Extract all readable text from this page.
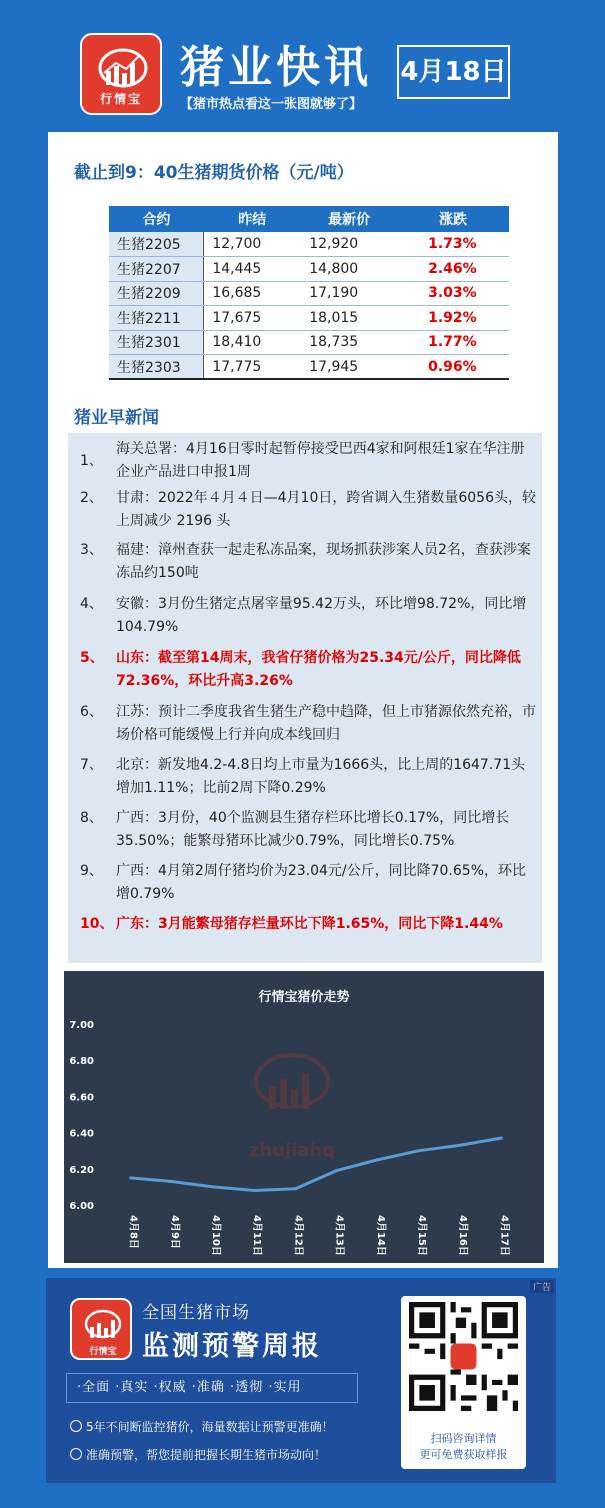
行情宝
猪业快讯
【猪市热点看这一张图就够了】
4月18日
截止到9：40生猪期货价格（元/吨）
合约	昨结	最新价	涨跌
生猪2205	12,700	12,920	1.73%
生猪2207	14,445	14,800	2.46%
生猪2209	16,685	17,190	3.03%
生猪2211	17,675	18,015	1.92%
生猪2301	18,410	18,735	1.77%
生猪2303	17,775	17,945	0.96%
猪业早新闻
1、
海关总署：4月16日零时起暂停接受巴西4家和阿根廷1家在华注册企业产品进口申报1周
2、 甘肃：2022年４月４日—4月10日，跨省调入生猪数量6056头，较上周减少 2196 头
3、 福建：漳州查获一起走私冻品案，现场抓获涉案人员2名，查获涉案冻品约150吨
4、 安徽：3月份生猪定点屠宰量95.42万头，环比增98.72%，同比增104.79%
5、 山东：截至第14周末，我省仔猪价格为25.34元/公斤，同比降低72.36%，环比升高3.26%
6、 江苏：预计二季度我省生猪生产稳中趋降，但上市猪源依然充裕，市场价格可能缓慢上行并向成本线回归
7、 北京：新发地4.2-4.8日均上市量为1666头，比上周的1647.71头增加1.11%；比前2周下降0.29%
8、 广西：3月份，40个监测县生猪存栏环比增长0.17%，同比增长35.50%；能繁母猪环比减少0.79%，同比增长0.75%
9、 广西：4月第2周仔猪均价为23.04元/公斤，同比降70.65%，环比增0.79%
10、 广东：3月能繁母猪存栏量环比下降1.65%，同比下降1.44%
行情宝猪价走势
zhujiahq
7.00
6.80
6.60
6.40
6.20
6.00
4月8日	4月9日	4月10日	4月11日	4月12日	4月13日	4月14日	4月15日	4月16日	4月17日
广告
行情宝
全国生猪市场
监测预警周报
·全面 ·真实 ·权威 ·准确 ·透彻 ·实用
5年不间断监控猪价，海量数据让预警更准确！
准确预警，帮您提前把握长期生猪市场动向！
扫码咨询详情
更可免费获取样报
